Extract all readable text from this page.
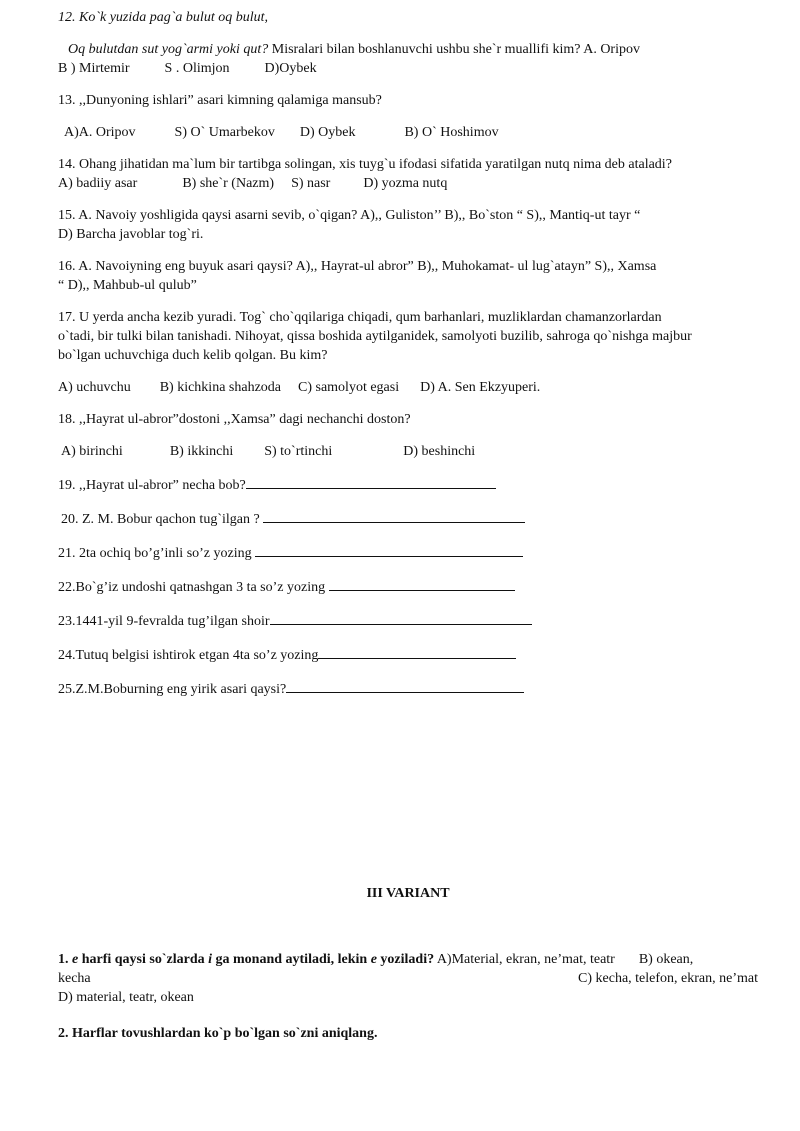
12. Ko`k yuzida pag`a bulut oq bulut,
Oq bulutdan sut yog`armi yoki qut? Misralari bilan boshlanuvchi ushbu she`r muallifi kim? A. Oripov
B ) Mirtemir	S . Olimjon	D)Oybek
13. ,,Dunyoning ishlari” asari kimning qalamiga mansub?
A)A. Oripov	S) O` Umarbekov D) Oybek	B) O` Hoshimov
14. Ohang jihatidan ma`lum bir tartibga solingan, xis tuyg`u ifodasi sifatida yaratilgan nutq nima deb ataladi?
A) badiiy asar	B) she`r (Nazm) S) nasr D) yozma nutq
15. A. Navoiy yoshligida qaysi asarni sevib, o`qigan? A),, Guliston’’ B),, Bo`ston “ S),, Mantiq-ut tayr “
D) Barcha javoblar tog`ri.
16. A. Navoiyning eng buyuk asari qaysi? A),, Hayrat-ul abror” B),, Muhokamat- ul lug`atayn” S),, Xamsa
“ D),, Mahbub-ul qulub”
17. U yerda ancha kezib yuradi. Tog` cho`qqilariga chiqadi, qum barhanlari, muzliklardan chamanzorlardan
o`tadi, bir tulki bilan tanishadi. Nihoyat, qissa boshida aytilganidek, samolyoti buzilib, sahroga qo`nishga majbur
bo`lgan uchuvchiga duch kelib qolgan. Bu kim?
A) uchuvchu B) kichkina shahzoda C) samolyot egasi D) A. Sen Ekzyuperi.
18. ,,Hayrat ul-abror”dostoni ,,Xamsa” dagi nechanchi doston?
A) birinchi	B) ikkinchi S) to`rtinchi	D) beshinchi
19. ,,Hayrat ul-abror” necha bob?
20. Z. M. Bobur qachon tug`ilgan ?
21. 2ta ochiq bo’g’inli so’z yozing
22.Bo`g’iz undoshi qatnashgan 3 ta so’z yozing
23.1441-yil 9-fevralda tug’ilgan shoir
24.Tutuq belgisi ishtirok etgan 4ta so’z yozing
25.Z.M.Boburning eng yirik asari qaysi?
III VARIANT
1. e harfi qaysi so`zlarda i ga monand aytiladi, lekin e yoziladi? A)Material, ekran, ne’mat, teatr B) okean,
kecha	C) kecha, telefon, ekran, ne’mat
D) material, teatr, okean
2. Harflar tovushlardan ko`p bo`lgan so`zni aniqlang.
